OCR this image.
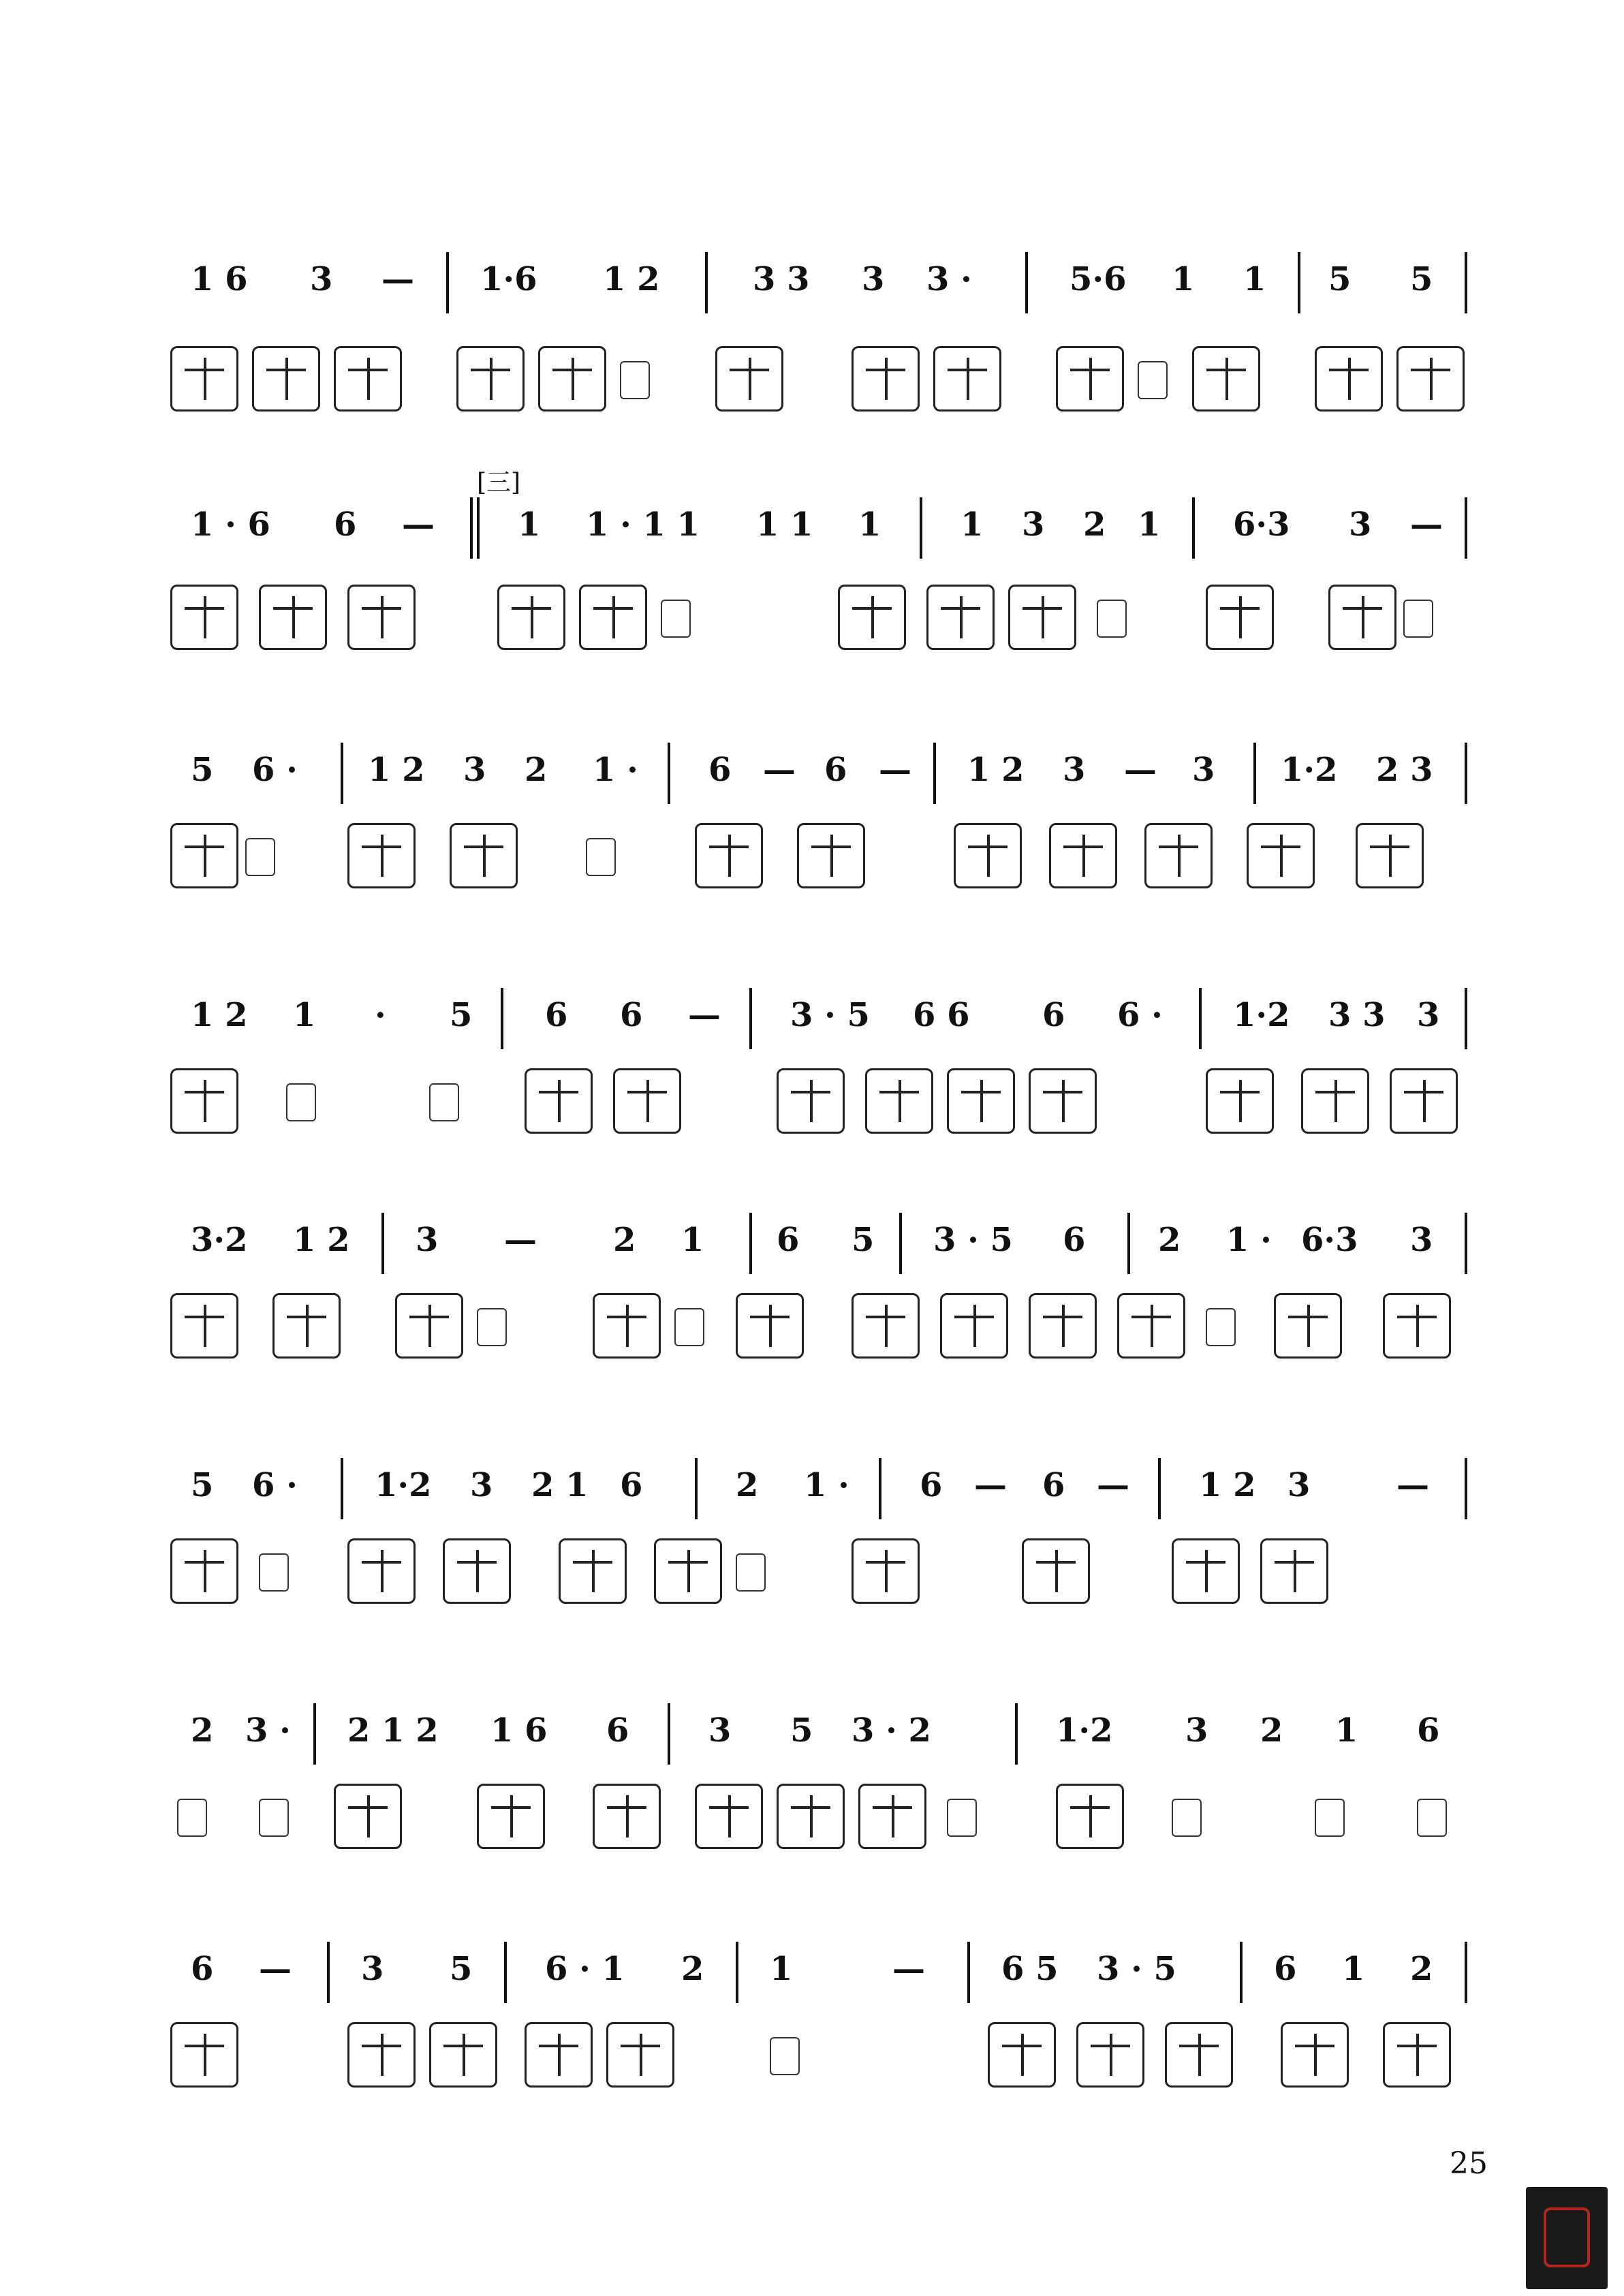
1 6 3 — 1·6 1 2	3 3 3 3 ·	5·6 1 1 5 5
[三]
1 · 6 6 —	1 1 · 1 1 1 1 1 1 3 2 1 6·3 3 —
5 6 · 1 2 3 2 1 · 6 — 6 — 1 2 3 — 3 1·2 2 3
1 2 1 · 5 6 6 — 3 · 5 6 6 6 6 · 1·2 3 3 3
3·2 1 2 3 — 2 1 6 5 3 · 5 6 2 1 · 6·3 3
5 6 · 1·2 3 2 1 6	2 1 · 6 — 6 — 1 2 3	—
2 3 · 2 1 2 1 6 6 3 5 3 · 2	1·2 3 2 1 6
6 — 3 5 6 · 1 2 1	— 6 5 3 · 5	6 1 2
25
